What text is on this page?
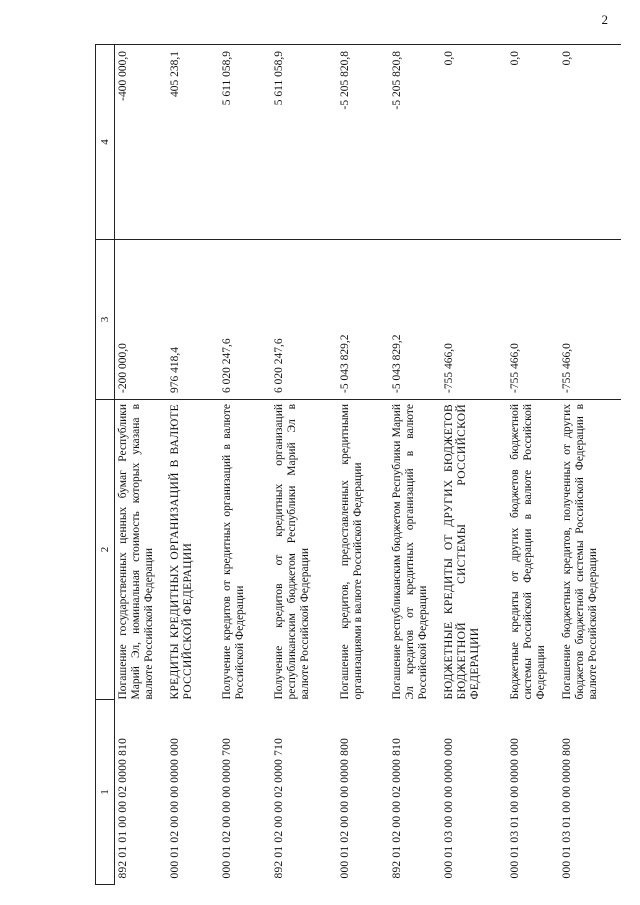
2
1	2	3	4
892 01 01 00 00 02 0000 810	Погашение государственных ценных бумаг Республики Марий Эл, номинальная стоимость которых указана в валюте Российской Федерации	-200 000,0	-400 000,0
000 01 02 00 00 00 0000 000	КРЕДИТЫ КРЕДИТНЫХ ОРГАНИЗАЦИЙ В ВАЛЮТЕ РОССИЙСКОЙ ФЕДЕРАЦИИ	976 418,4	405 238,1
000 01 02 00 00 00 0000 700	Получение кредитов от кредитных организаций в валюте Российской Федерации	6 020 247,6	5 611 058,9
892 01 02 00 00 02 0000 710	Получение кредитов от кредитных организаций республиканским бюджетом Республики Марий Эл в валюте Российской Федерации	6 020 247,6	5 611 058,9
000 01 02 00 00 00 0000 800	Погашение кредитов, предоставленных кредитными организациями в валюте Российской Федерации	-5 043 829,2	-5 205 820,8
892 01 02 00 00 02 0000 810	Погашение республиканским бюджетом Республики Марий Эл кредитов от кредитных организаций в валюте Российской Федерации	-5 043 829,2	-5 205 820,8
000 01 03 00 00 00 0000 000	БЮДЖЕТНЫЕ КРЕДИТЫ ОТ ДРУГИХ БЮДЖЕТОВ БЮДЖЕТНОЙ СИСТЕМЫ РОССИЙСКОЙ ФЕДЕРАЦИИ	-755 466,0	0,0
000 01 03 01 00 00 0000 000	Бюджетные кредиты от других бюджетов бюджетной системы Российской Федерации в валюте Российской Федерации	-755 466,0	0,0
000 01 03 01 00 00 0000 800	Погашение бюджетных кредитов, полученных от других бюджетов бюджетной системы Российской Федерации в валюте Российской Федерации	-755 466,0	0,0
